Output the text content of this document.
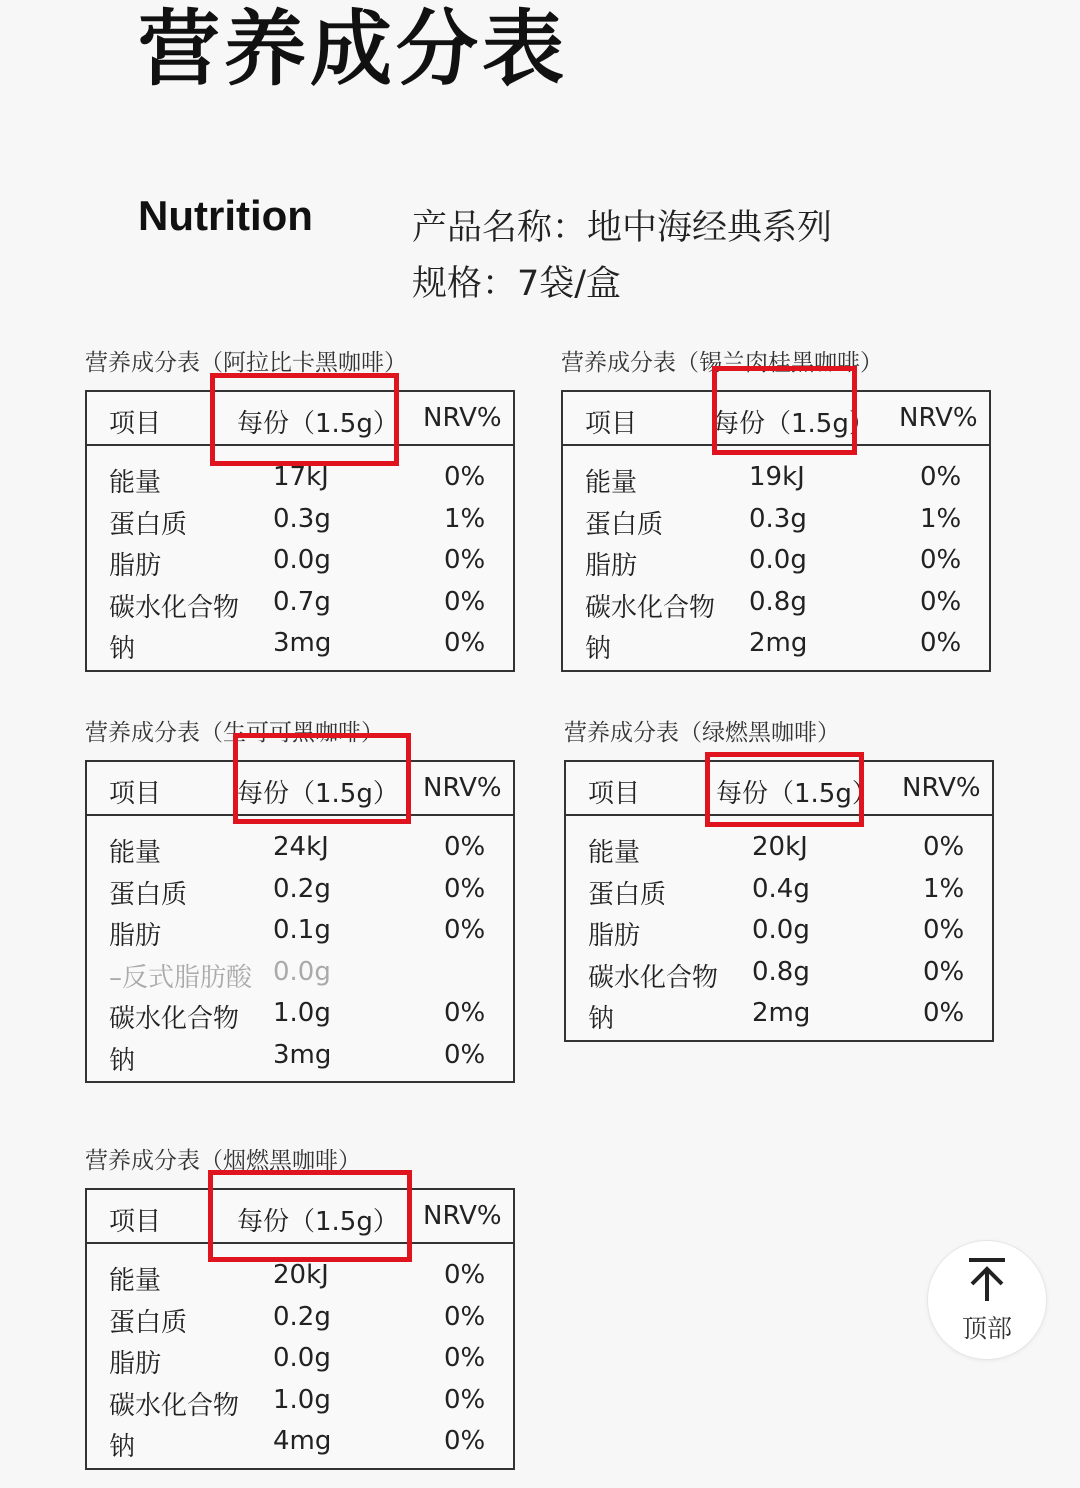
营养成分表
Nutrition	产品名称：地中海经典系列
规格：7袋/盒
营养成分表（阿拉比卡黑咖啡）
项目	每份（1.5g） NRV%
能量	17kJ	0%
蛋白质	0.3g	1%
脂肪	0.0g	0%
碳水化合物 0.7g	0%
钠	3mg	0%
营养成分表（锡兰肉桂黑咖啡）
项目	每份（1.5g） NRV%
能量	19kJ	0%
蛋白质	0.3g	1%
脂肪	0.0g	0%
碳水化合物 0.8g	0%
钠	2mg	0%
营养成分表（生可可黑咖啡）
项目	每份（1.5g） NRV%
能量	24kJ	0%
蛋白质	0.2g	0%
脂肪	0.1g	0%
–反式脂肪酸 0.0g
碳水化合物 1.0g	0%
钠	3mg	0%
营养成分表（绿燃黑咖啡）
项目	每份（1.5g） NRV%
能量	20kJ	0%
蛋白质	0.4g	1%
脂肪	0.0g	0%
碳水化合物 0.8g	0%
钠	2mg	0%
营养成分表（烟燃黑咖啡）
项目	每份（1.5g） NRV%
能量	20kJ	0%
蛋白质	0.2g	0%
脂肪	0.0g	0%
碳水化合物 1.0g	0%
钠	4mg	0%
顶部
